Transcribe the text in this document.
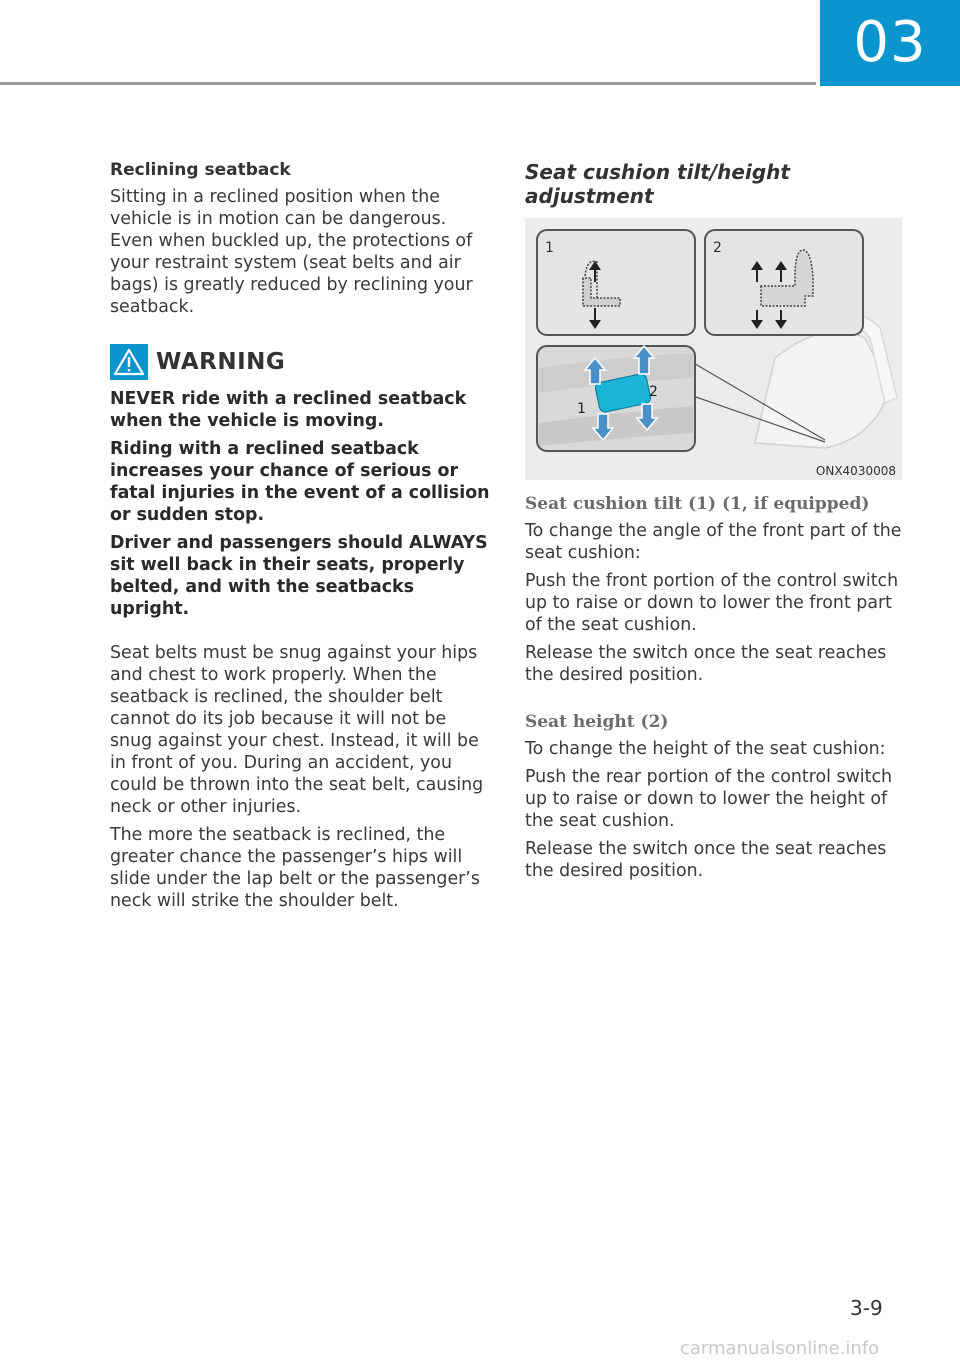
03

Reclining seatback

Sitting in a reclined position when the vehicle is in motion can be dangerous. Even when buckled up, the protections of your restraint system (seat belts and air bags) is greatly reduced by reclining your seatback.

WARNING

NEVER ride with a reclined seatback when the vehicle is moving.

Riding with a reclined seatback increases your chance of serious or fatal injuries in the event of a collision or sudden stop.

Driver and passengers should ALWAYS sit well back in their seats, properly belted, and with the seatbacks upright.

Seat belts must be snug against your hips and chest to work properly. When the seatback is reclined, the shoulder belt cannot do its job because it will not be snug against your chest. Instead, it will be in front of you. During an accident, you could be thrown into the seat belt, causing neck or other injuries.

The more the seatback is reclined, the greater chance the passenger’s hips will slide under the lap belt or the passenger’s neck will strike the shoulder belt.

Seat cushion tilt/height adjustment

1	2
1
2
ONX4030008

Seat cushion tilt (1) (1, if equipped)

To change the angle of the front part of the seat cushion:

Push the front portion of the control switch up to raise or down to lower the front part of the seat cushion.

Release the switch once the seat reaches the desired position.

Seat height (2)

To change the height of the seat cushion:

Push the rear portion of the control switch up to raise or down to lower the height of the seat cushion.

Release the switch once the seat reaches the desired position.

3-9
carmanualsonline.info
